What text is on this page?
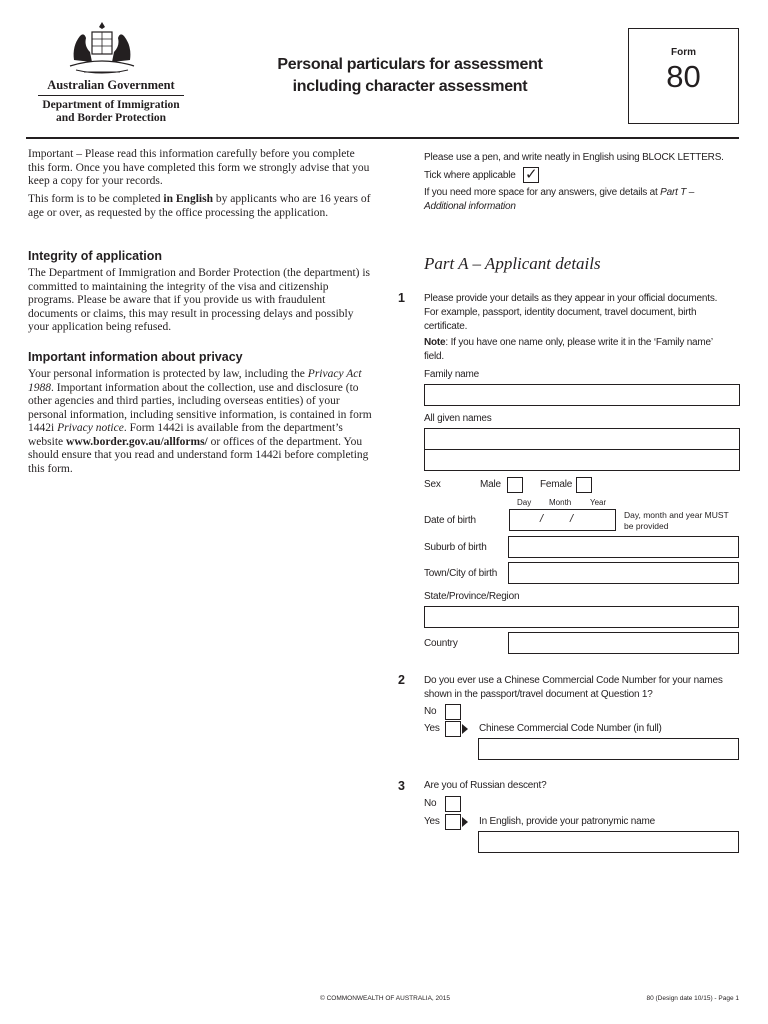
Australian Government
Department of Immigration
and Border Protection
Personal particulars for assessment
including character assessment
Form
80
Important – Please read this information carefully before you complete this form. Once you have completed this form we strongly advise that you keep a copy for your records.
This form is to be completed in English by applicants who are 16 years of age or over, as requested by the office processing the application.
Integrity of application
The Department of Immigration and Border Protection (the department) is committed to maintaining the integrity of the visa and citizenship programs. Please be aware that if you provide us with fraudulent documents or claims, this may result in processing delays and possibly your application being refused.
Important information about privacy
Your personal information is protected by law, including the Privacy Act 1988. Important information about the collection, use and disclosure (to other agencies and third parties, including overseas entities) of your personal information, including sensitive information, is contained in form 1442i Privacy notice. Form 1442i is available from the department’s website www.border.gov.au/allforms/ or offices of the department. You should ensure that you read and understand form 1442i before completing this form.
Please use a pen, and write neatly in English using BLOCK LETTERS.
Tick where applicable ✓
If you need more space for any answers, give details at Part T – Additional information
Part A – Applicant details
1 Please provide your details as they appear in your official documents. For example, passport, identity document, travel document, birth certificate.
Note: If you have one name only, please write it in the ‘Family name’ field.
Family name
All given names
Sex	Male	Female
Day Month Year
Date of birth	/ /	Day, month and year MUST be provided
Suburb of birth
Town/City of birth
State/Province/Region
Country
2 Do you ever use a Chinese Commercial Code Number for your names shown in the passport/travel document at Question 1?
No
Yes	Chinese Commercial Code Number (in full)
3 Are you of Russian descent?
No
Yes	In English, provide your patronymic name
© COMMONWEALTH OF AUSTRALIA, 2015	80 (Design date 10/15) - Page 1
